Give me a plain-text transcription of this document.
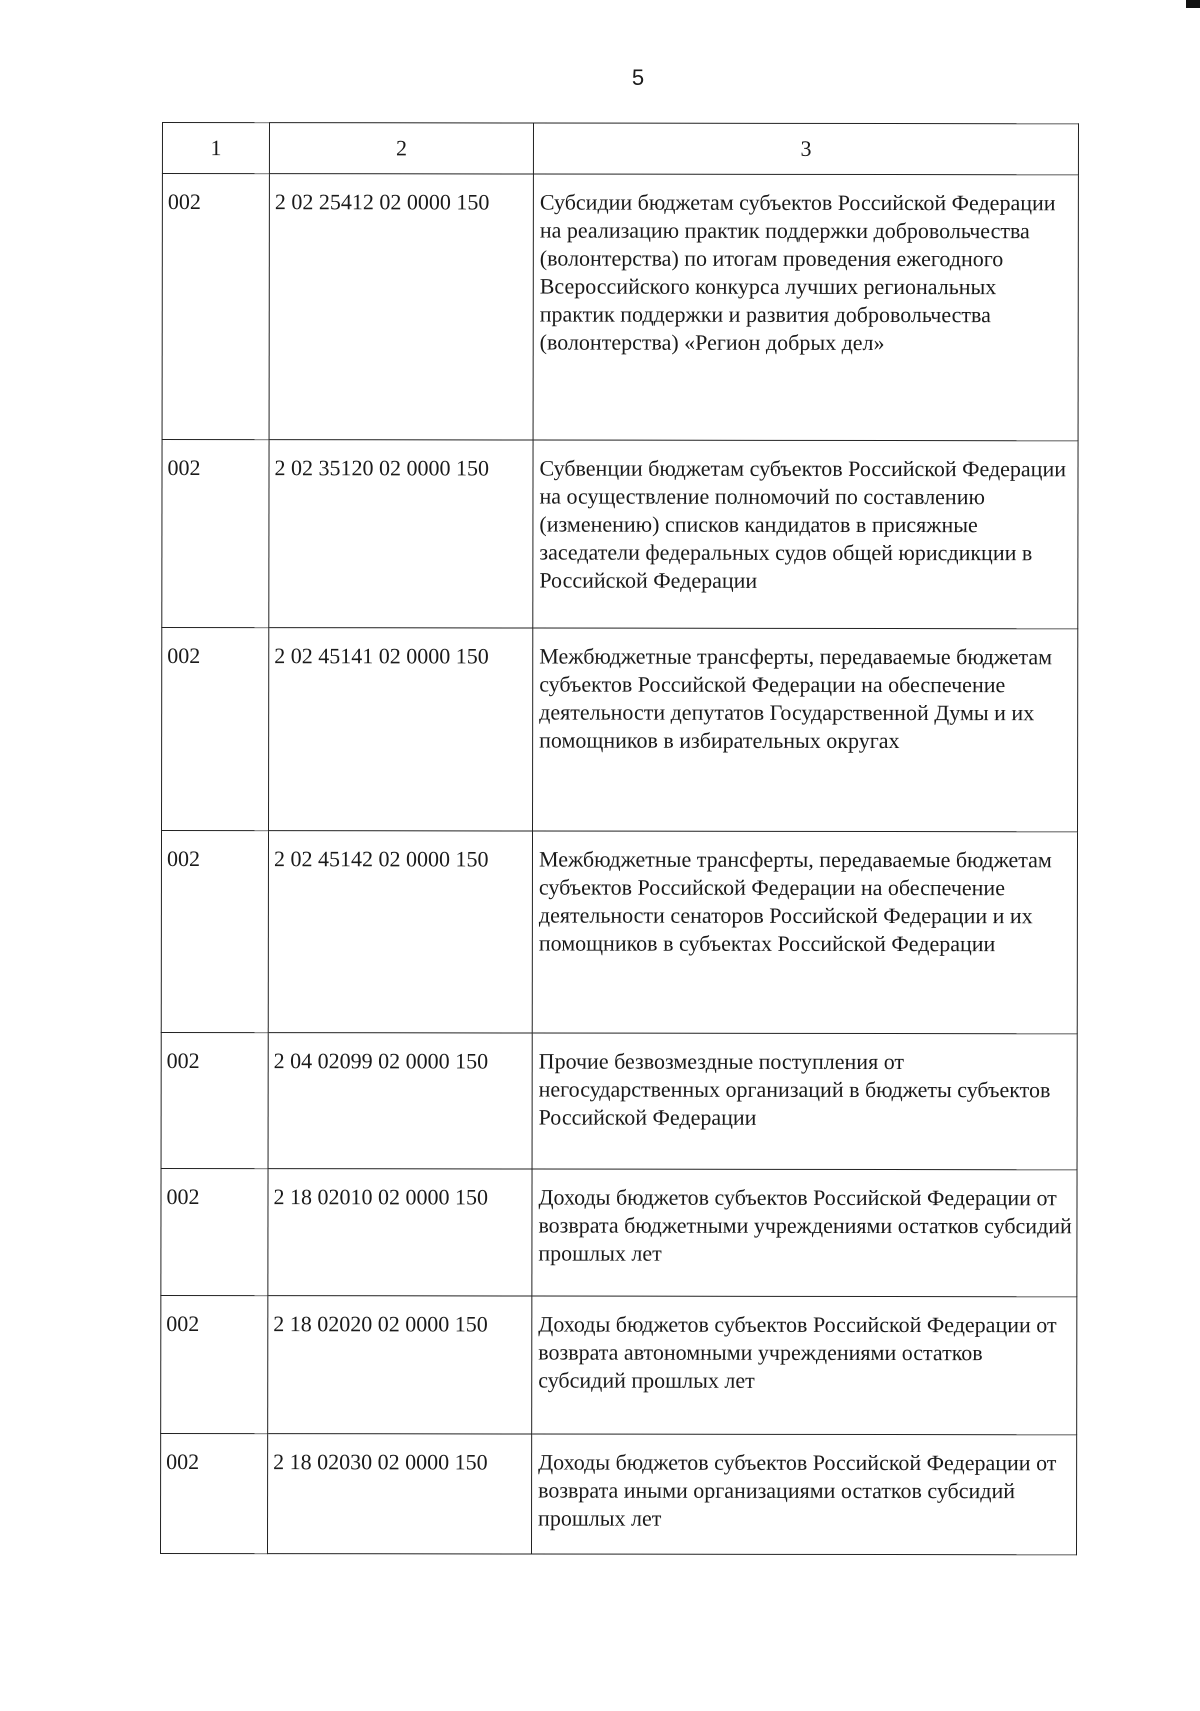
5
1	2	3
002	2 02 25412 02 0000 150	Субсидии бюджетам субъектов Российской Федерации на реализацию практик поддержки добровольчества (волонтерства) по итогам проведения ежегодного Всероссийского конкурса лучших региональных практик поддержки и развития добровольчества (волонтерства) «Регион добрых дел»
002	2 02 35120 02 0000 150	Субвенции бюджетам субъектов Российской Федерации на осуществление полномочий по составлению (изменению) списков кандидатов в присяжные заседатели федеральных судов общей юрисдикции в Российской Федерации
002	2 02 45141 02 0000 150	Межбюджетные трансферты, передаваемые бюджетам субъектов Российской Федерации на обеспечение деятельности депутатов Государственной Думы и их помощников в избирательных округах
002	2 02 45142 02 0000 150	Межбюджетные трансферты, передаваемые бюджетам субъектов Российской Федерации на обеспечение деятельности сенаторов Российской Федерации и их помощников в субъектах Российской Федерации
002	2 04 02099 02 0000 150	Прочие безвозмездные поступления от негосударственных организаций в бюджеты субъектов Российской Федерации
002	2 18 02010 02 0000 150	Доходы бюджетов субъектов Российской Федерации от возврата бюджетными учреждениями остатков субсидий прошлых лет
002	2 18 02020 02 0000 150	Доходы бюджетов субъектов Российской Федерации от возврата автономными учреждениями остатков субсидий прошлых лет
002	2 18 02030 02 0000 150	Доходы бюджетов субъектов Российской Федерации от возврата иными организациями остатков субсидий прошлых лет
